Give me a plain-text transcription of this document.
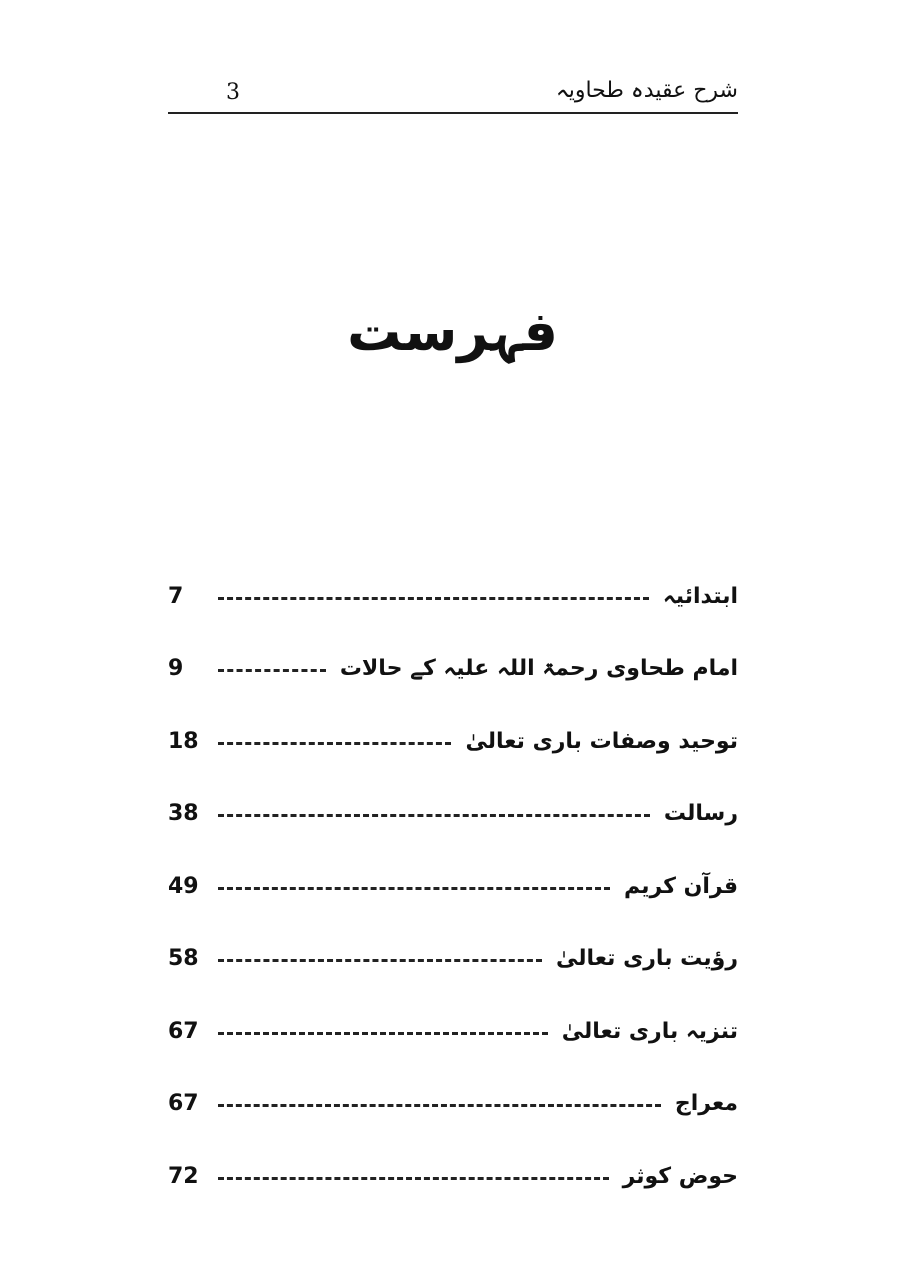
شرح عقیدہ طحاویہ
3
فہرست
ابتدائیہ
7
امام طحاوی رحمۃ اللہ علیہ کے حالات
9
توحید وصفات باری تعالیٰ
18
رسالت
38
قرآن کریم
49
رؤیت باری تعالیٰ
58
تنزیہ باری تعالیٰ
67
معراج
67
حوض کوثر
72
